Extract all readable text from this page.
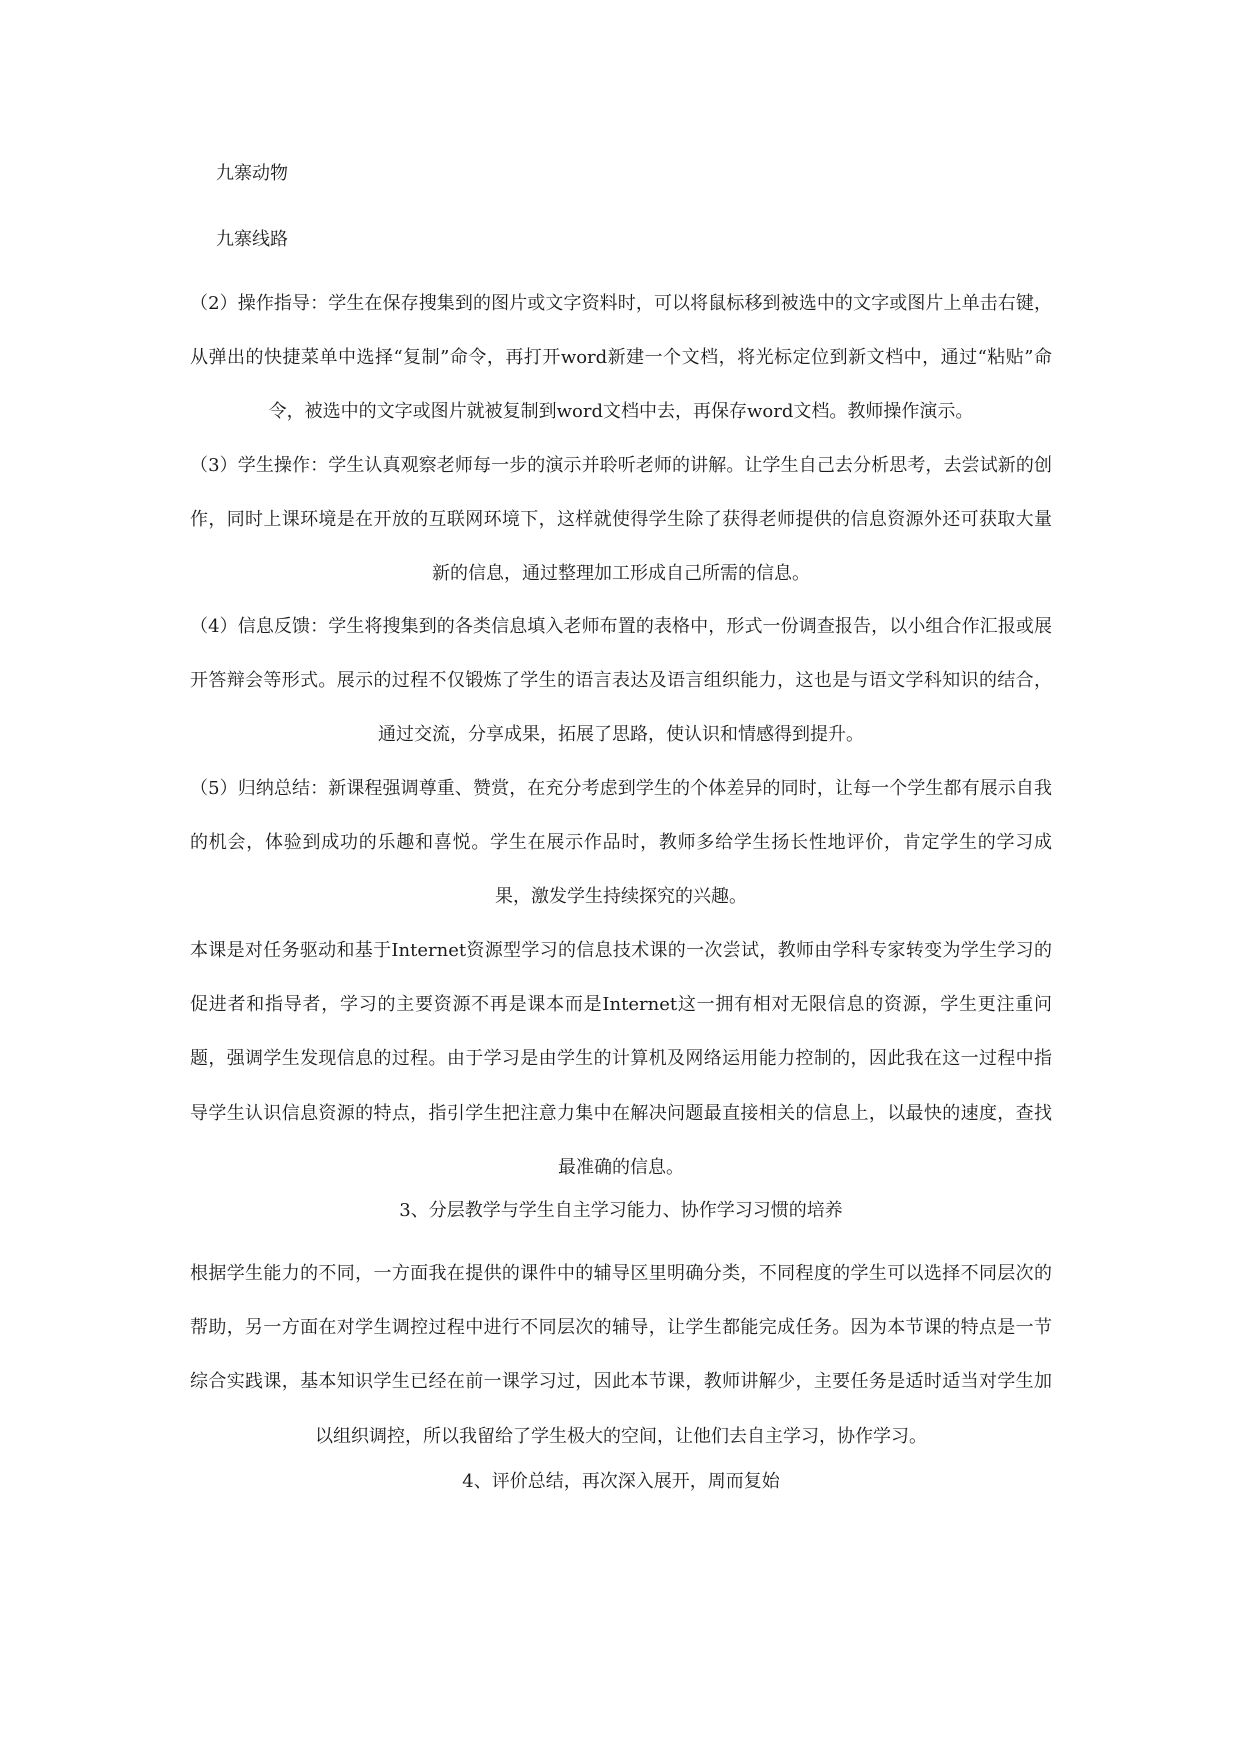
九寨动物
九寨线路

（2）操作指导：学生在保存搜集到的图片或文字资料时，可以将鼠标移到被选中的文字或图片上单击右键，从弹出的快捷菜单中选择“复制”命令，再打开word新建一个文档，将光标定位到新文档中，通过“粘贴”命令，被选中的文字或图片就被复制到word文档中去，再保存word文档。教师操作演示。

（3）学生操作：学生认真观察老师每一步的演示并聆听老师的讲解。让学生自己去分析思考，去尝试新的创作，同时上课环境是在开放的互联网环境下，这样就使得学生除了获得老师提供的信息资源外还可获取大量新的信息，通过整理加工形成自己所需的信息。

（4）信息反馈：学生将搜集到的各类信息填入老师布置的表格中，形式一份调查报告，以小组合作汇报或展开答辩会等形式。展示的过程不仅锻炼了学生的语言表达及语言组织能力，这也是与语文学科知识的结合，通过交流，分享成果，拓展了思路，使认识和情感得到提升。

（5）归纳总结：新课程强调尊重、赞赏，在充分考虑到学生的个体差异的同时，让每一个学生都有展示自我的机会，体验到成功的乐趣和喜悦。学生在展示作品时，教师多给学生扬长性地评价，肯定学生的学习成果，激发学生持续探究的兴趣。

本课是对任务驱动和基于Internet资源型学习的信息技术课的一次尝试，教师由学科专家转变为学生学习的促进者和指导者，学习的主要资源不再是课本而是Internet这一拥有相对无限信息的资源，学生更注重问题，强调学生发现信息的过程。由于学习是由学生的计算机及网络运用能力控制的，因此我在这一过程中指导学生认识信息资源的特点，指引学生把注意力集中在解决问题最直接相关的信息上，以最快的速度，查找最准确的信息。

3、分层教学与学生自主学习能力、协作学习习惯的培养

根据学生能力的不同，一方面我在提供的课件中的辅导区里明确分类，不同程度的学生可以选择不同层次的帮助，另一方面在对学生调控过程中进行不同层次的辅导，让学生都能完成任务。因为本节课的特点是一节综合实践课，基本知识学生已经在前一课学习过，因此本节课，教师讲解少，主要任务是适时适当对学生加以组织调控，所以我留给了学生极大的空间，让他们去自主学习，协作学习。

4、评价总结，再次深入展开，周而复始
